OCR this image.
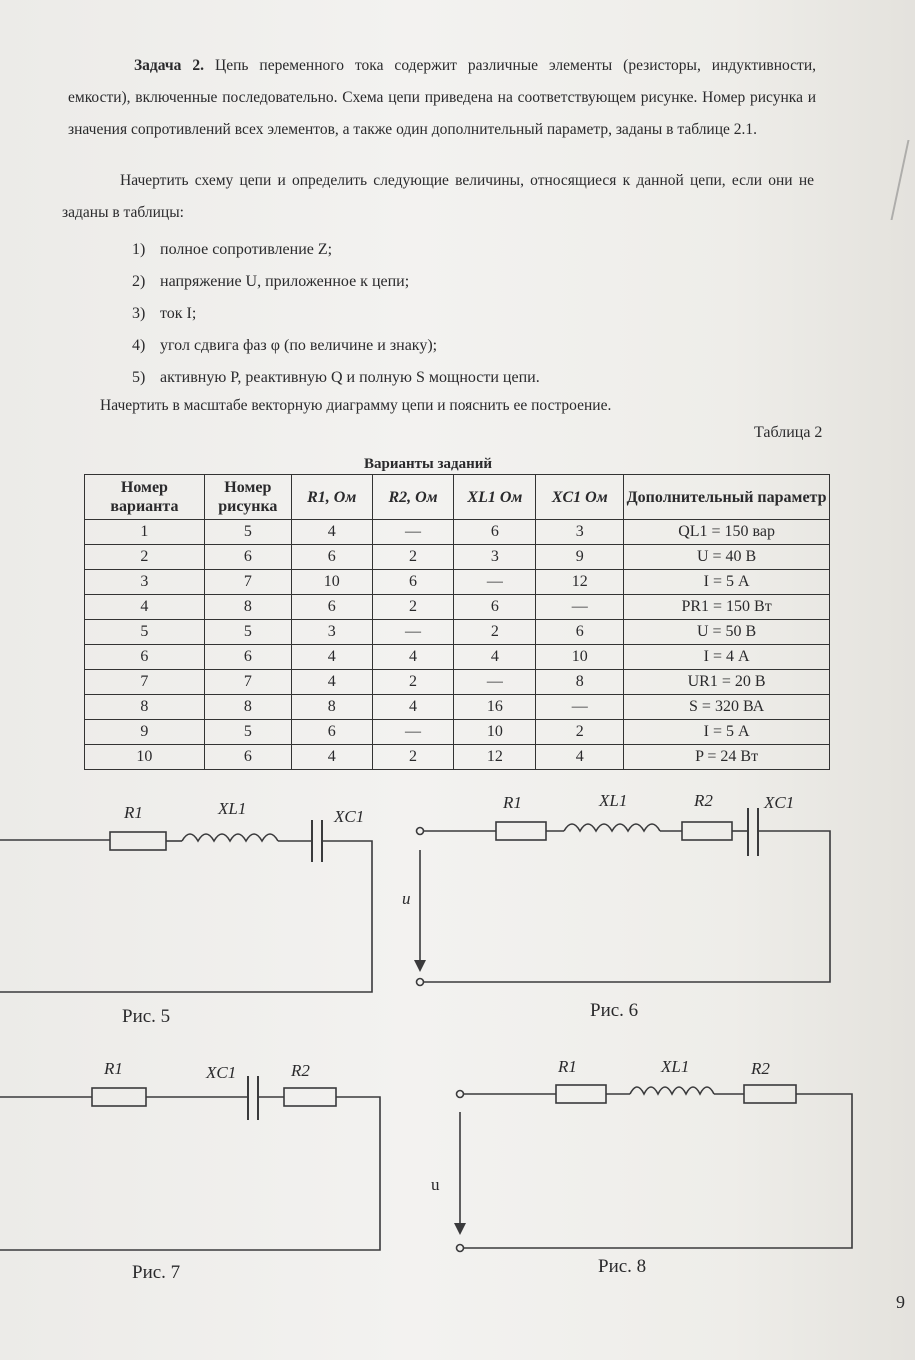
Задача 2. Цепь переменного тока содержит различные элементы (резисторы, индуктивности, емкости), включенные последовательно. Схема цепи приведена на соответствующем рисунке. Номер рисунка и значения сопротивлений всех элементов, а также один дополнительный параметр, заданы в таблице 2.1.

Начертить схему цепи и определить следующие величины, относящиеся к данной цепи, если они не заданы в таблицы:

1) полное сопротивление Z;
2) напряжение U, приложенное к цепи;
3) ток I;
4) угол сдвига фаз φ (по величине и знаку);
5) активную P, реактивную Q и полную S мощности цепи.

Начертить в масштабе векторную диаграмму цепи и пояснить ее построение.

Таблица 2
Варианты заданий
Номер варианта	Номер рисунка	R1, Ом	R2, Ом	XL1 Ом	XC1 Ом	Дополнительный параметр
1	5	4	—	6	3	QL1 = 150 вар
2	6	6	2	3	9	U = 40 В
3	7	10	6	—	12	I = 5 А
4	8	6	2	6	—	PR1 = 150 Вт
5	5	3	—	2	6	U = 50 В
6	6	4	4	4	10	I = 4 А
7	7	4	2	—	8	UR1 = 20 В
8	8	8	4	16	—	S = 320 ВА
9	5	6	—	10	2	I = 5 А
10	6	4	2	12	4	P = 24 Вт
R1	XL1	XC1
R1	XL1	R2	XC1
u
R1	XC1	R2	R1	XL1	R2
u
Рис. 5	Рис. 6
Рис. 7	Рис. 8
9
